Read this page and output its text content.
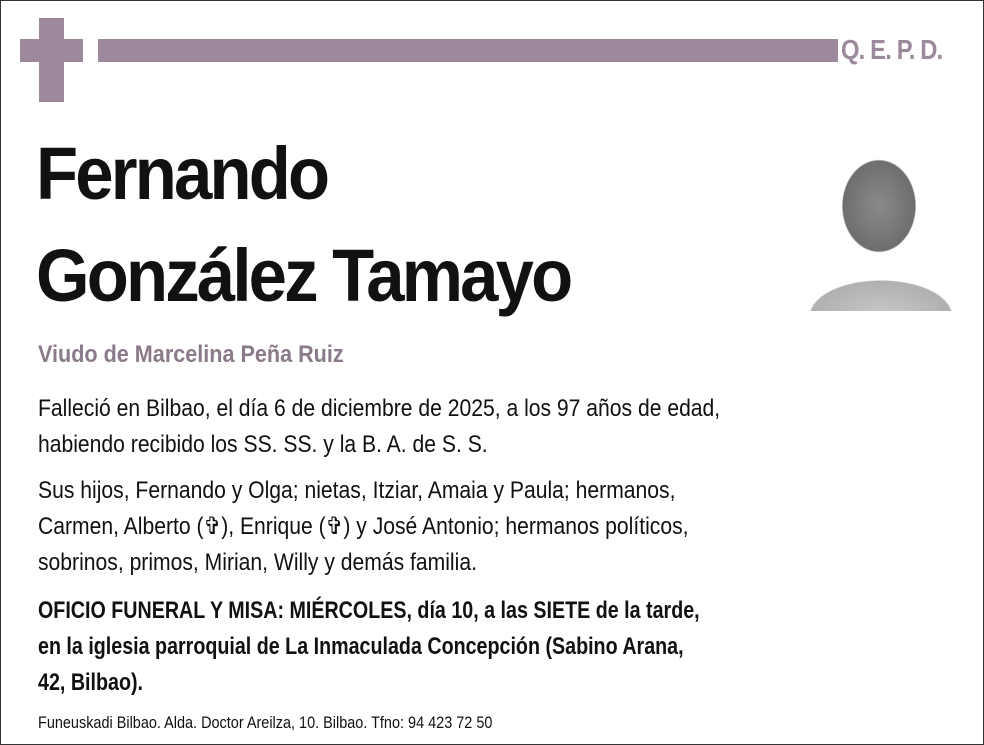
Q. E. P. D.
Fernando
González Tamayo
Viudo de Marcelina Peña Ruiz
Falleció en Bilbao, el día 6 de diciembre de 2025, a los 97 años de edad,
habiendo recibido los SS. SS. y la B. A. de S. S.
Sus hijos, Fernando y Olga; nietas, Itziar, Amaia y Paula; hermanos,
Carmen, Alberto (✞), Enrique (✞) y José Antonio; hermanos políticos,
sobrinos, primos, Mirian, Willy y demás familia.
OFICIO FUNERAL Y MISA: MIÉRCOLES, día 10, a las SIETE de la tarde,
en la iglesia parroquial de La Inmaculada Concepción (Sabino Arana,
42, Bilbao).
Funeuskadi Bilbao. Alda. Doctor Areilza, 10. Bilbao. Tfno: 94 423 72 50
